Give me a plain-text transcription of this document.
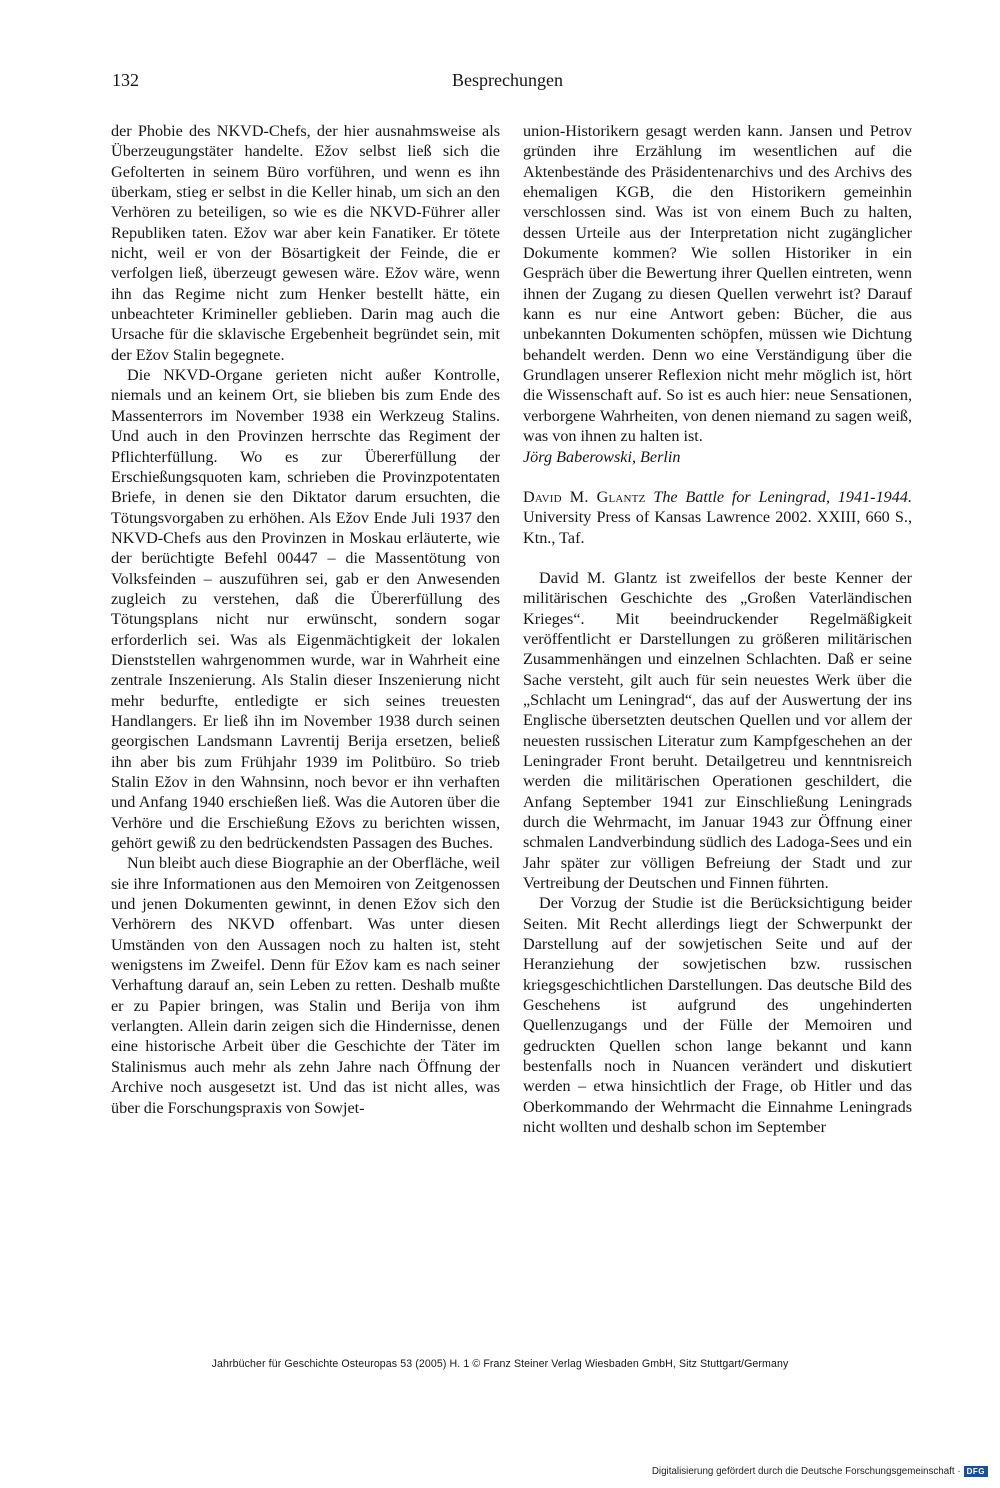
132	Besprechungen

der Phobie des NKVD-Chefs, der hier ausnahmsweise als Überzeugungstäter handelte. Ežov selbst ließ sich die Gefolterten in seinem Büro vorführen, und wenn es ihn überkam, stieg er selbst in die Keller hinab, um sich an den Verhören zu beteiligen, so wie es die NKVD-Führer aller Republiken taten. Ežov war aber kein Fanatiker. Er tötete nicht, weil er von der Bösartigkeit der Feinde, die er verfolgen ließ, überzeugt gewesen wäre. Ežov wäre, wenn ihn das Regime nicht zum Henker bestellt hätte, ein unbeachteter Krimineller geblieben. Darin mag auch die Ursache für die sklavische Ergebenheit begründet sein, mit der Ežov Stalin begegnete.

Die NKVD-Organe gerieten nicht außer Kontrolle, niemals und an keinem Ort, sie blieben bis zum Ende des Massenterrors im November 1938 ein Werkzeug Stalins. Und auch in den Provinzen herrschte das Regiment der Pflichterfüllung. Wo es zur Übererfüllung der Erschießungsquoten kam, schrieben die Provinzpotentaten Briefe, in denen sie den Diktator darum ersuchten, die Tötungsvorgaben zu erhöhen. Als Ežov Ende Juli 1937 den NKVD-Chefs aus den Provinzen in Moskau erläuterte, wie der berüchtigte Befehl 00447 – die Massentötung von Volksfeinden – auszuführen sei, gab er den Anwesenden zugleich zu verstehen, daß die Übererfüllung des Tötungsplans nicht nur erwünscht, sondern sogar erforderlich sei. Was als Eigenmächtigkeit der lokalen Dienststellen wahrgenommen wurde, war in Wahrheit eine zentrale Inszenierung. Als Stalin dieser Inszenierung nicht mehr bedurfte, entledigte er sich seines treuesten Handlangers. Er ließ ihn im November 1938 durch seinen georgischen Landsmann Lavrentij Berija ersetzen, beließ ihn aber bis zum Frühjahr 1939 im Politbüro. So trieb Stalin Ežov in den Wahnsinn, noch bevor er ihn verhaften und Anfang 1940 erschießen ließ. Was die Autoren über die Verhöre und die Erschießung Ežovs zu berichten wissen, gehört gewiß zu den bedrückendsten Passagen des Buches.

Nun bleibt auch diese Biographie an der Oberfläche, weil sie ihre Informationen aus den Memoiren von Zeitgenossen und jenen Dokumenten gewinnt, in denen Ežov sich den Verhörern des NKVD offenbart. Was unter diesen Umständen von den Aussagen noch zu halten ist, steht wenigstens im Zweifel. Denn für Ežov kam es nach seiner Verhaftung darauf an, sein Leben zu retten. Deshalb mußte er zu Papier bringen, was Stalin und Berija von ihm verlangten. Allein darin zeigen sich die Hindernisse, denen eine historische Arbeit über die Geschichte der Täter im Stalinismus auch mehr als zehn Jahre nach Öffnung der Archive noch ausgesetzt ist. Und das ist nicht alles, was über die Forschungspraxis von Sowjet-

union-Historikern gesagt werden kann. Jansen und Petrov gründen ihre Erzählung im wesentlichen auf die Aktenbestände des Präsidentenarchivs und des Archivs des ehemaligen KGB, die den Historikern gemeinhin verschlossen sind. Was ist von einem Buch zu halten, dessen Urteile aus der Interpretation nicht zugänglicher Dokumente kommen? Wie sollen Historiker in ein Gespräch über die Bewertung ihrer Quellen eintreten, wenn ihnen der Zugang zu diesen Quellen verwehrt ist? Darauf kann es nur eine Antwort geben: Bücher, die aus unbekannten Dokumenten schöpfen, müssen wie Dichtung behandelt werden. Denn wo eine Verständigung über die Grundlagen unserer Reflexion nicht mehr möglich ist, hört die Wissenschaft auf. So ist es auch hier: neue Sensationen, verborgene Wahrheiten, von denen niemand zu sagen weiß, was von ihnen zu halten ist.

Jörg Baberowski, Berlin

David M. Glantz The Battle for Leningrad, 1941-1944. University Press of Kansas Lawrence 2002. XXIII, 660 S., Ktn., Taf.

David M. Glantz ist zweifellos der beste Kenner der militärischen Geschichte des „Großen Vaterländischen Krieges“. Mit beeindruckender Regelmäßigkeit veröffentlicht er Darstellungen zu größeren militärischen Zusammenhängen und einzelnen Schlachten. Daß er seine Sache versteht, gilt auch für sein neuestes Werk über die „Schlacht um Leningrad“, das auf der Auswertung der ins Englische übersetzten deutschen Quellen und vor allem der neuesten russischen Literatur zum Kampfgeschehen an der Leningrader Front beruht. Detailgetreu und kenntnisreich werden die militärischen Operationen geschildert, die Anfang September 1941 zur Einschließung Leningrads durch die Wehrmacht, im Januar 1943 zur Öffnung einer schmalen Landverbindung südlich des Ladoga-Sees und ein Jahr später zur völligen Befreiung der Stadt und zur Vertreibung der Deutschen und Finnen führten.

Der Vorzug der Studie ist die Berücksichtigung beider Seiten. Mit Recht allerdings liegt der Schwerpunkt der Darstellung auf der sowjetischen Seite und auf der Heranziehung der sowjetischen bzw. russischen kriegsgeschichtlichen Darstellungen. Das deutsche Bild des Geschehens ist aufgrund des ungehinderten Quellenzugangs und der Fülle der Memoiren und gedruckten Quellen schon lange bekannt und kann bestenfalls noch in Nuancen verändert und diskutiert werden – etwa hinsichtlich der Frage, ob Hitler und das Oberkommando der Wehrmacht die Einnahme Leningrads nicht wollten und deshalb schon im September

Jahrbücher für Geschichte Osteuropas 53 (2005) H. 1 © Franz Steiner Verlag Wiesbaden GmbH, Sitz Stuttgart/Germany
Digitalisierung gefördert durch die Deutsche Forschungsgemeinschaft · DFG
